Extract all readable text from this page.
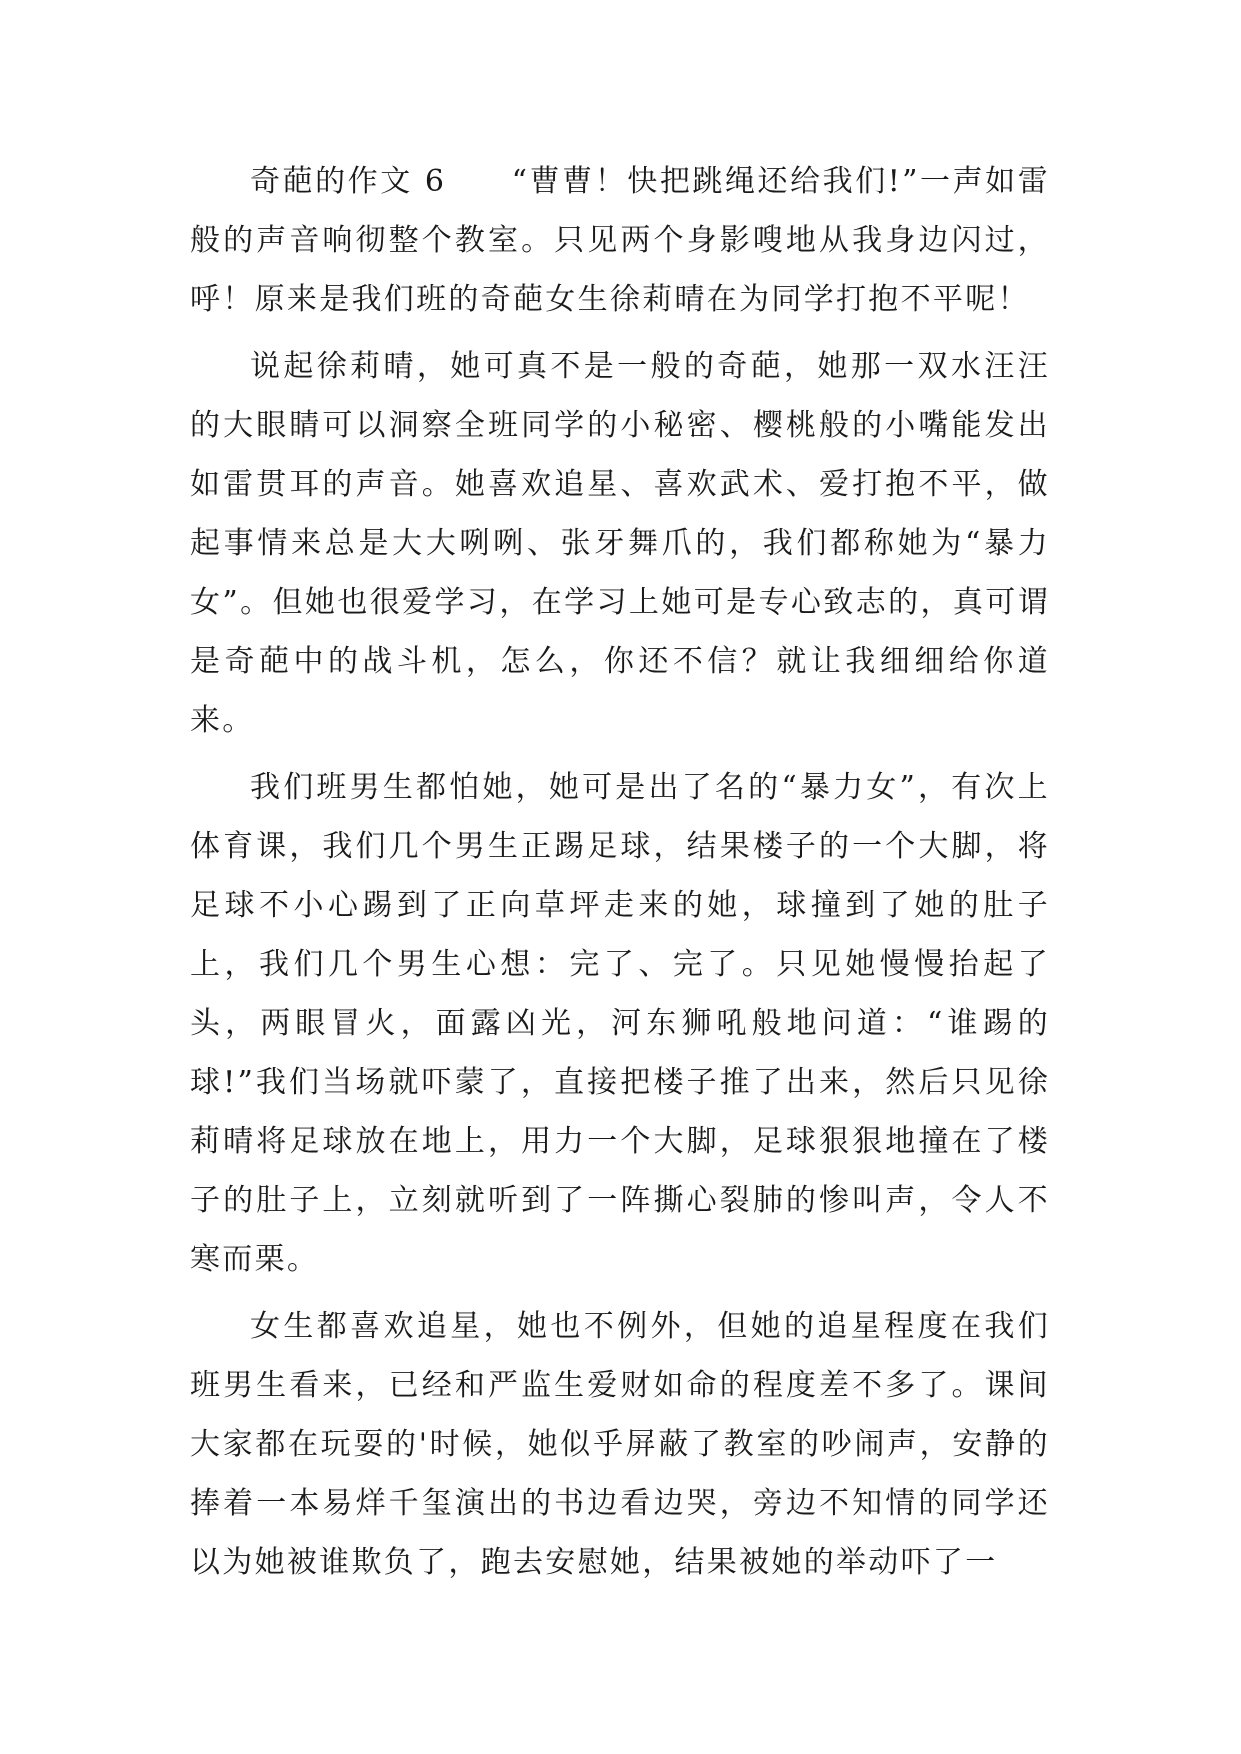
奇葩的作文 6　　“曹曹！快把跳绳还给我们!”一声如雷般的声音响彻整个教室。只见两个身影嗖地从我身边闪过，呼！原来是我们班的奇葩女生徐莉晴在为同学打抱不平呢！

说起徐莉晴，她可真不是一般的奇葩，她那一双水汪汪的大眼睛可以洞察全班同学的小秘密、樱桃般的小嘴能发出如雷贯耳的声音。她喜欢追星、喜欢武术、爱打抱不平，做起事情来总是大大咧咧、张牙舞爪的，我们都称她为“暴力女”。但她也很爱学习，在学习上她可是专心致志的，真可谓是奇葩中的战斗机，怎么，你还不信？就让我细细给你道来。

我们班男生都怕她，她可是出了名的“暴力女”，有次上体育课，我们几个男生正踢足球，结果楼子的一个大脚，将足球不小心踢到了正向草坪走来的她，球撞到了她的肚子上，我们几个男生心想：完了、完了。只见她慢慢抬起了头，两眼冒火，面露凶光，河东狮吼般地问道：“谁踢的球!”我们当场就吓蒙了，直接把楼子推了出来，然后只见徐莉晴将足球放在地上，用力一个大脚，足球狠狠地撞在了楼子的肚子上，立刻就听到了一阵撕心裂肺的惨叫声，令人不寒而栗。

女生都喜欢追星，她也不例外，但她的追星程度在我们班男生看来，已经和严监生爱财如命的程度差不多了。课间大家都在玩耍的'时候，她似乎屏蔽了教室的吵闹声，安静的捧着一本易烊千玺演出的书边看边哭，旁边不知情的同学还以为她被谁欺负了，跑去安慰她，结果被她的举动吓了一
